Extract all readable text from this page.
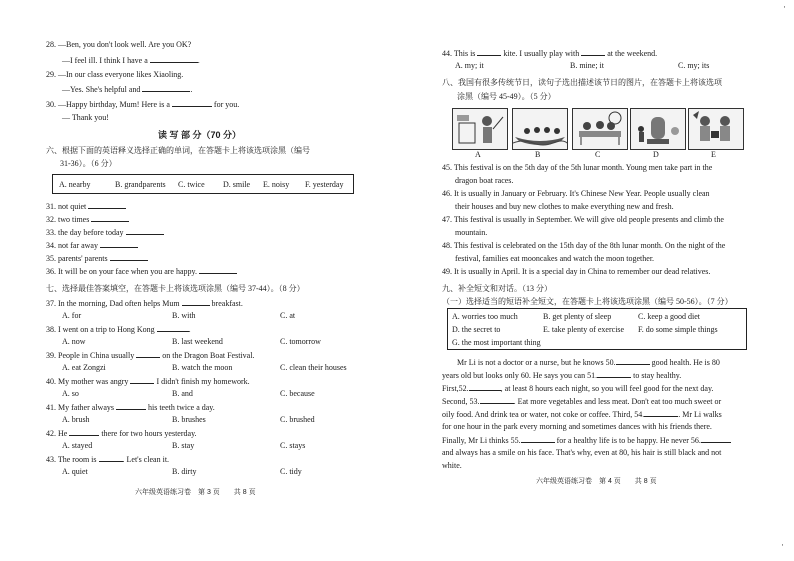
28. —Ben, you don't look well. Are you OK?
—I feel ill. I think I have a	.
29. —In our class everyone likes Xiaoling.
—Yes. She's helpful and	.
30. —Happy birthday, Mum! Here is a	for you.
— Thank you!
读 写 部 分（70 分）
六、根据下面的英语释义选择正确的单词，在答题卡上将该选项涂黑（编号
31-36）。（6 分）
A. nearby	B. grandparents C. twice D. smile E. noisy F. yesterday
31. not quiet
32. two times
33. the day before today
34. not far away
35. parents' parents
36. It will be on your face when you are happy.
七、选择最佳答案填空，在答题卡上将该选项涂黑（编号 37-44）。（8 分）
37. In the morning, Dad often helps Mum	breakfast.
A. for	B. with	C. at
38. I went on a trip to Hong Kong	.
A. now	B. last weekend	C. tomorrow
39. People in China usually	on the Dragon Boat Festival.
A. eat Zongzi	B. watch the moon	C. clean their houses
40. My mother was angry	I didn't finish my homework.
A. so	B. and	C. because
41. My father always	his teeth twice a day.
A. brush	B. brushes	C. brushed
42. He	there for two hours yesterday.
A. stayed	B. stay	C. stays
43. The room is	. Let's clean it.
A. quiet	B. dirty	C. tidy
六年级英语练习卷　第 3 页　　共 8 页
44. This is	kite. I usually play with	at the weekend.
A. my; it	B. mine; it	C. my; its
八、我国有很多传统节日，读句子选出描述该节日的图片，在答题卡上将该选项
涂黑（编号 45-49）。（5 分）
A	B	C	D	E
45. This festival is on the 5th day of the 5th lunar month. Young men take part in the
dragon boat races.
46. It is usually in January or February. It's Chinese New Year. People usually clean
their houses and buy new clothes to make everything new and fresh.
47. This festival is usually in September. We will give old people presents and climb the
mountain.
48. This festival is celebrated on the 15th day of the 8th lunar month. On the night of the
festival, families eat mooncakes and watch the moon together.
49. It is usually in April. It is a special day in China to remember our dead relatives.
九、补全短文和对话。（13 分）
（一）选择适当的短语补全短文，在答题卡上将该选项涂黑（编号 50-56）。（7 分）
A. worries too much	B. get plenty of sleep	C. keep a good diet
D. the secret to	E. take plenty of exercise F. do some simple things
G. the most important thing
Mr Li is not a doctor or a nurse, but he knows 50.	good health. He is 80
years old but looks only 60. He says you can 51.	to stay healthy.
First,52.	, at least 8 hours each night, so you will feel good for the next day.
Second, 53.	. Eat more vegetables and less meat. Don't eat too much sweet or
oily food. And drink tea or water, not coke or coffee. Third, 54.	. Mr Li walks
for one hour in the park every morning and sometimes dances with his friends there.
Finally, Mr Li thinks 55.	for a healthy life is to be happy. He never 56.
and always has a smile on his face. That's why, even at 80, his hair is still black and not
white.
六年级英语练习卷　第 4 页　　共 8 页
·
·
